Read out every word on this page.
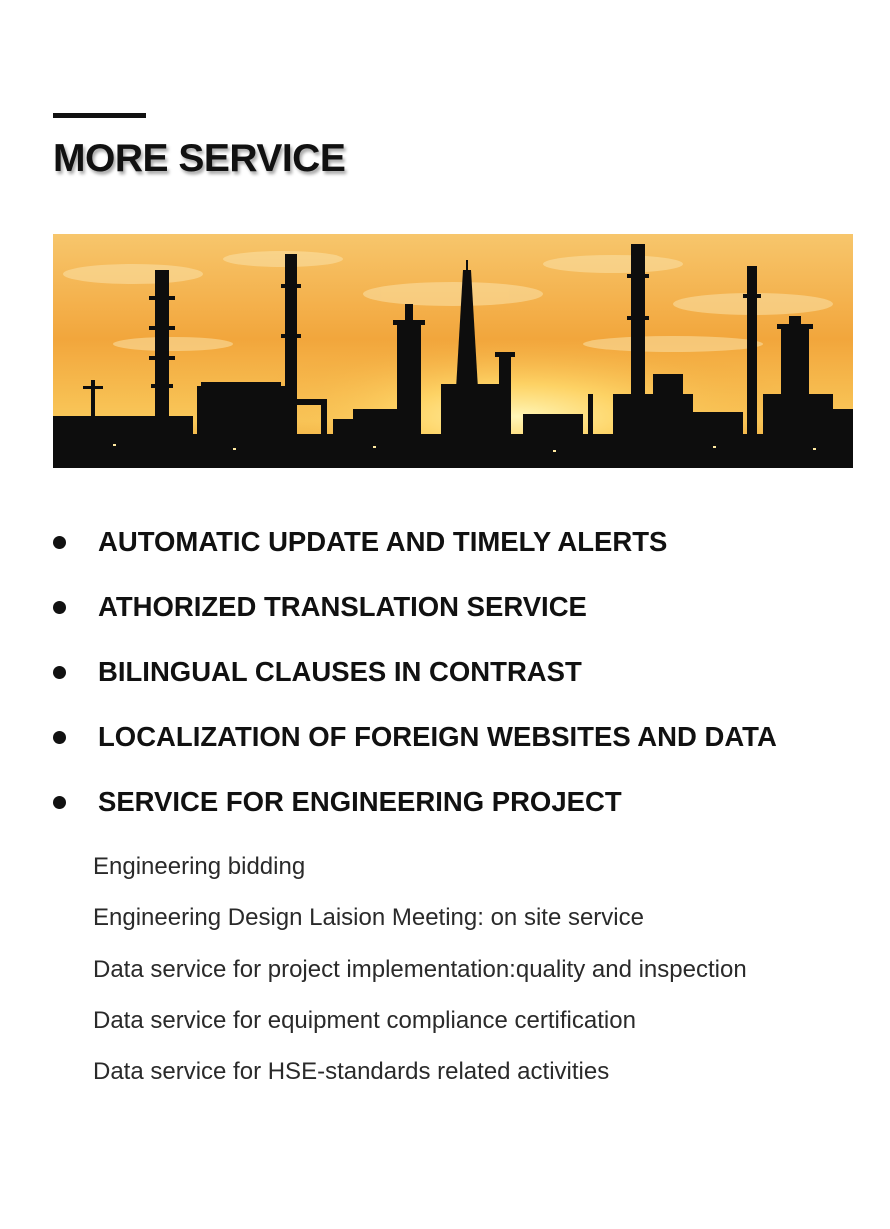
MORE SERVICE
AUTOMATIC UPDATE AND TIMELY ALERTS
ATHORIZED TRANSLATION SERVICE
BILINGUAL CLAUSES IN CONTRAST
LOCALIZATION OF FOREIGN WEBSITES AND DATA
SERVICE FOR ENGINEERING PROJECT
Engineering bidding
Engineering Design Laision Meeting: on site service
Data service for project implementation:quality and inspection
Data service for equipment compliance certification
Data service for HSE-standards related activities
